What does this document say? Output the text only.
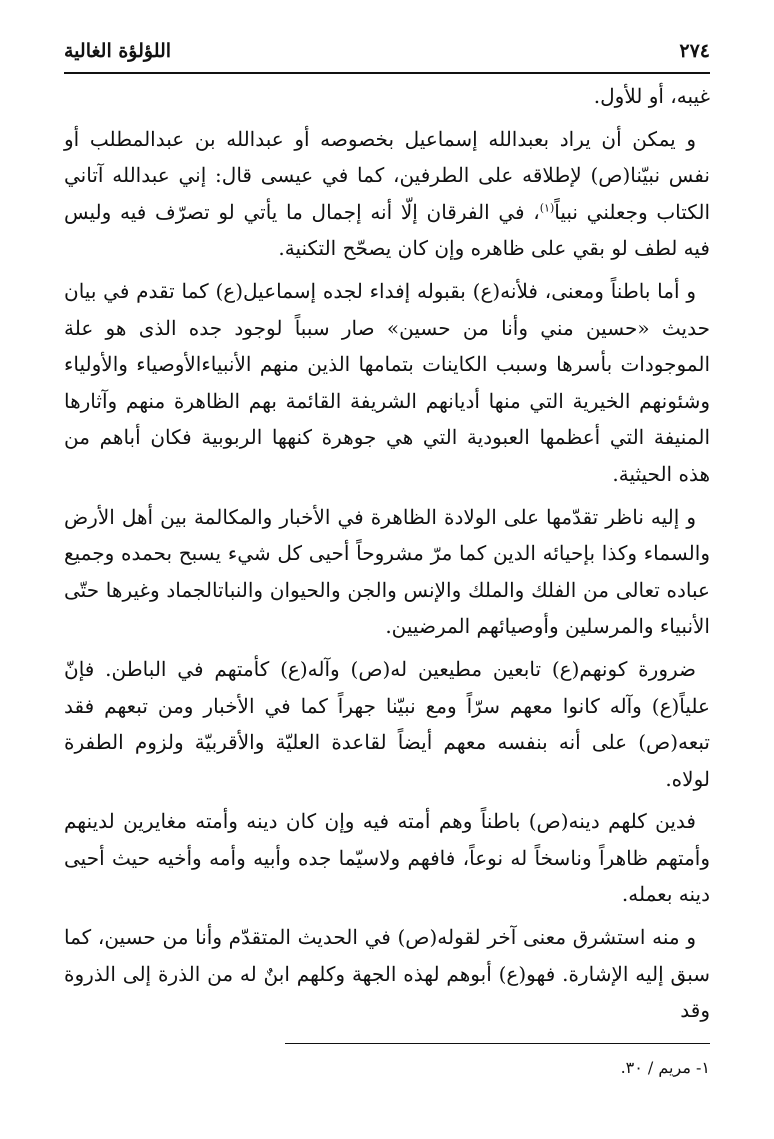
اللؤلؤة الغالية	٢٧٤

غيبه، أو للأول.

و يمكن أن يراد بعبدالله إسماعيل بخصوصه أو عبدالله بن عبدالمطلب أو نفس نبيّنا(ص) لإطلاقه على الطرفين، كما في عيسى قال: إني عبدالله آتاني الكتاب وجعلني نبياً$^{(١)}$، في الفرقان إلّا أنه إجمال ما يأتي لو تصرّف فيه وليس فيه لطف لو بقي على ظاهره وإن كان يصحّح التكنية.

و أما باطناً ومعنى، فلأنه(ع) بقبوله إفداء لجده إسماعيل(ع) كما تقدم في بيان حديث «حسين مني وأنا من حسين» صار سبباً لوجود جده الذى هو علة الموجودات بأسرها وسبب الكاينات بتمامها الذين منهم الأنبياءالأوصياء والأولياء وشئونهم الخيرية التي منها أديانهم الشريفة القائمة بهم الظاهرة منهم وآثارها المنيفة التي أعظمها العبودية التي هي جوهرة كنهها الربوبية فكان أباهم من هذه الحيثية.

و إليه ناظر تقدّمها على الولادة الظاهرة في الأخبار والمكالمة بين أهل الأرض والسماء وكذا بإحيائه الدين كما مرّ مشروحاً أحيى كل شيء يسبح بحمده وجميع عباده تعالى من الفلك والملك والإنس والجن والحيوان والنباتالجماد وغيرها حتّى الأنبياء والمرسلين وأوصيائهم المرضيين.

ضرورة كونهم(ع) تابعين مطيعين له(ص) وآله(ع) كأمتهم في الباطن. فإنّ علياً(ع) وآله كانوا معهم سرّاً ومع نبيّنا جهراً كما في الأخبار ومن تبعهم فقد تبعه(ص) على أنه بنفسه معهم أيضاً لقاعدة العليّة والأقربيّة ولزوم الطفرة لولاه.

فدين كلهم دينه(ص) باطناً وهم أمته فيه وإن كان دينه وأمته مغايرين لدينهم وأمتهم ظاهراً وناسخاً له نوعاً، فافهم ولاسيّما جده وأبيه وأمه وأخيه حيث أحيى دينه بعمله.

و منه استشرق معنى آخر لقوله(ص) في الحديث المتقدّم وأنا من حسين، كما سبق إليه الإشارة. فهو(ع) أبوهم لهذه الجهة وكلهم ابنٌ له من الذرة إلى الذروة وقد

١- مريم / ٣٠.
